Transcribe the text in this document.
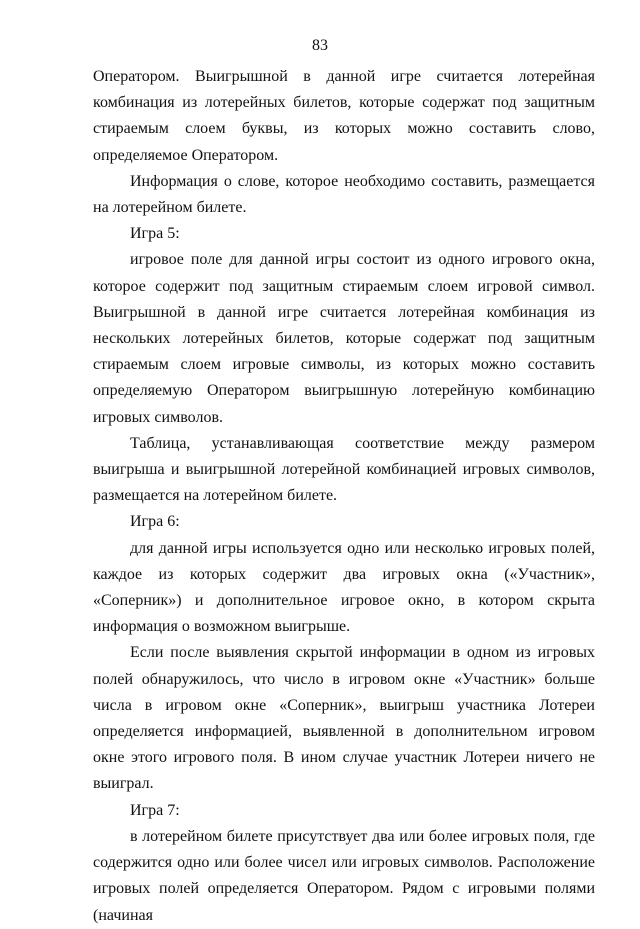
83

Оператором. Выигрышной в данной игре считается лотерейная комбинация из лотерейных билетов, которые содержат под защитным стираемым слоем буквы, из которых можно составить слово, определяемое Оператором.

Информация о слове, которое необходимо составить, размещается на лотерейном билете.

Игра 5:

игровое поле для данной игры состоит из одного игрового окна, которое содержит под защитным стираемым слоем игровой символ. Выигрышной в данной игре считается лотерейная комбинация из нескольких лотерейных билетов, которые содержат под защитным стираемым слоем игровые символы, из которых можно составить определяемую Оператором выигрышную лотерейную комбинацию игровых символов.

Таблица, устанавливающая соответствие между размером выигрыша и выигрышной лотерейной комбинацией игровых символов, размещается на лотерейном билете.

Игра 6:

для данной игры используется одно или несколько игровых полей, каждое из которых содержит два игровых окна («Участник», «Соперник») и дополнительное игровое окно, в котором скрыта информация о возможном выигрыше.

Если после выявления скрытой информации в одном из игровых полей обнаружилось, что число в игровом окне «Участник» больше числа в игровом окне «Соперник», выигрыш участника Лотереи определяется информацией, выявленной в дополнительном игровом окне этого игрового поля. В ином случае участник Лотереи ничего не выиграл.

Игра 7:

в лотерейном билете присутствует два или более игровых поля, где содержится одно или более чисел или игровых символов. Расположение игровых полей определяется Оператором. Рядом с игровыми полями (начиная
